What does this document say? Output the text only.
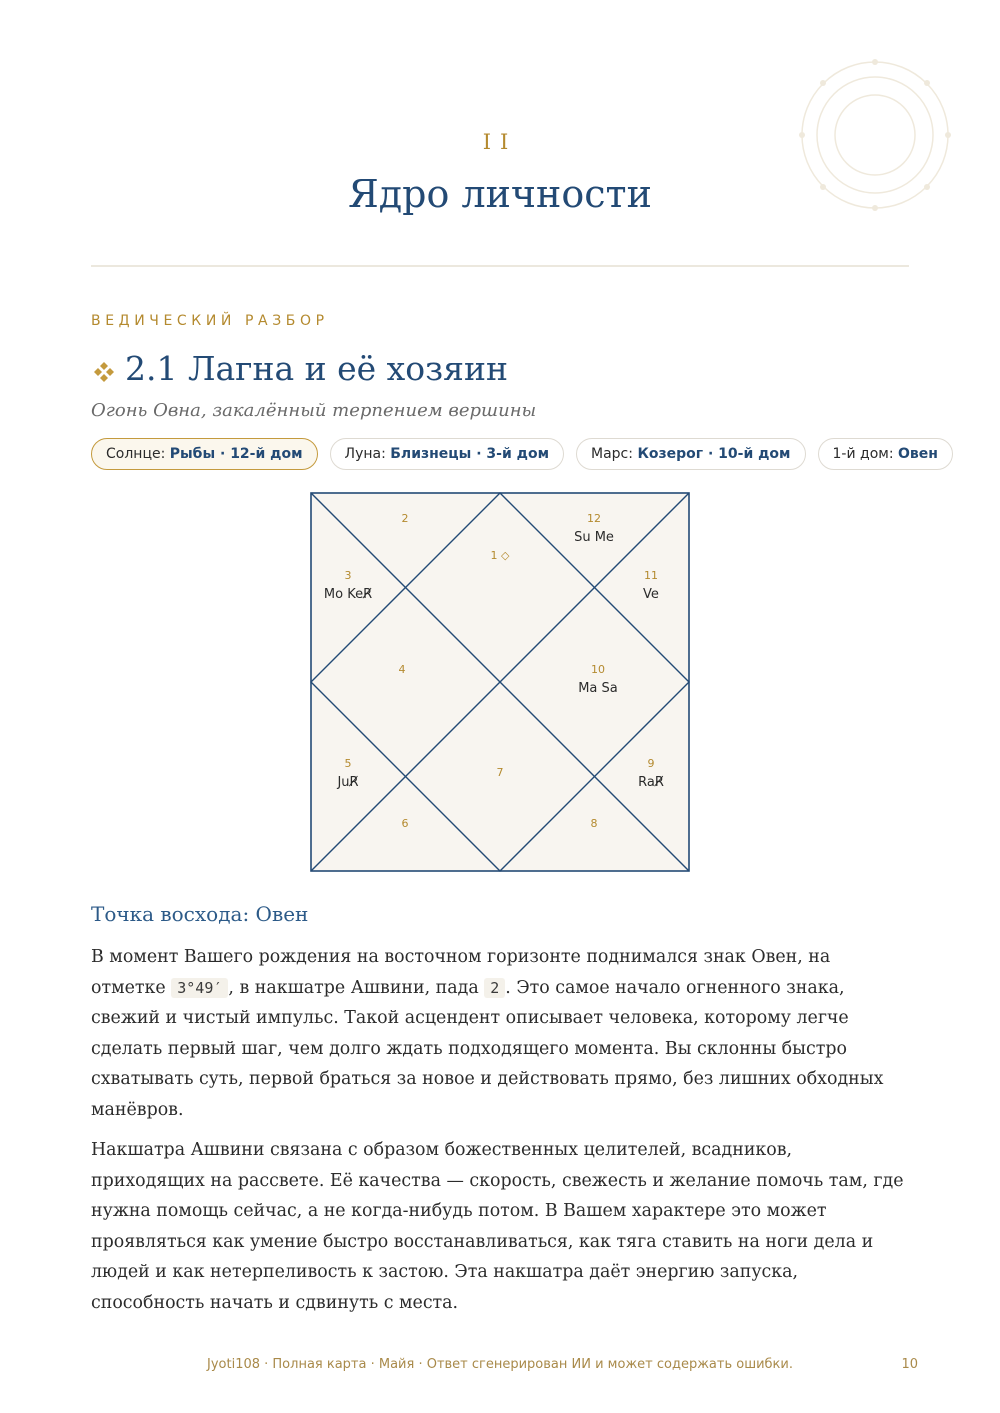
II
Ядро личности
ВЕДИЧЕСКИЙ РАЗБОР
2.1 Лагна и её хозяин
Огонь Овна, закалённый терпением вершины
Солнце:
Рыбы · 12-й дом	Луна:
Близнецы · 3-й дом	Марс:
Козерог · 10-й дом	1-й дом:
Овен
1 ◇
2
3
Mo KeR̸
4
5
JuR̸
6
7
8
9
RaR̸
10
Ma Sa
11
Ve
12
Su Me
Точка восхода: Овен
В момент Вашего рождения на восточном горизонте поднимался знак Овен, на отметке 3°49′ , в накшатре Ашвини, пада 2 . Это самое начало огненного знака, свежий и чистый импульс. Такой асцендент описывает человека, которому легче сделать первый шаг, чем долго ждать подходящего момента. Вы склонны быстро схватывать суть, первой браться за новое и действовать прямо, без лишних обходных манёвров.
Накшатра Ашвини связана с образом божественных целителей, всадников, приходящих на рассвете. Её качества — скорость, свежесть и желание помочь там, где нужна помощь сейчас, а не когда-нибудь потом. В Вашем характере это может проявляться как умение быстро восстанавливаться, как тяга ставить на ноги дела и людей и как нетерпеливость к застою. Эта накшатра даёт энергию запуска, способность начать и сдвинуть с места.
Jyoti108 · Полная карта · Майя · Ответ сгенерирован ИИ и может содержать ошибки.	10
